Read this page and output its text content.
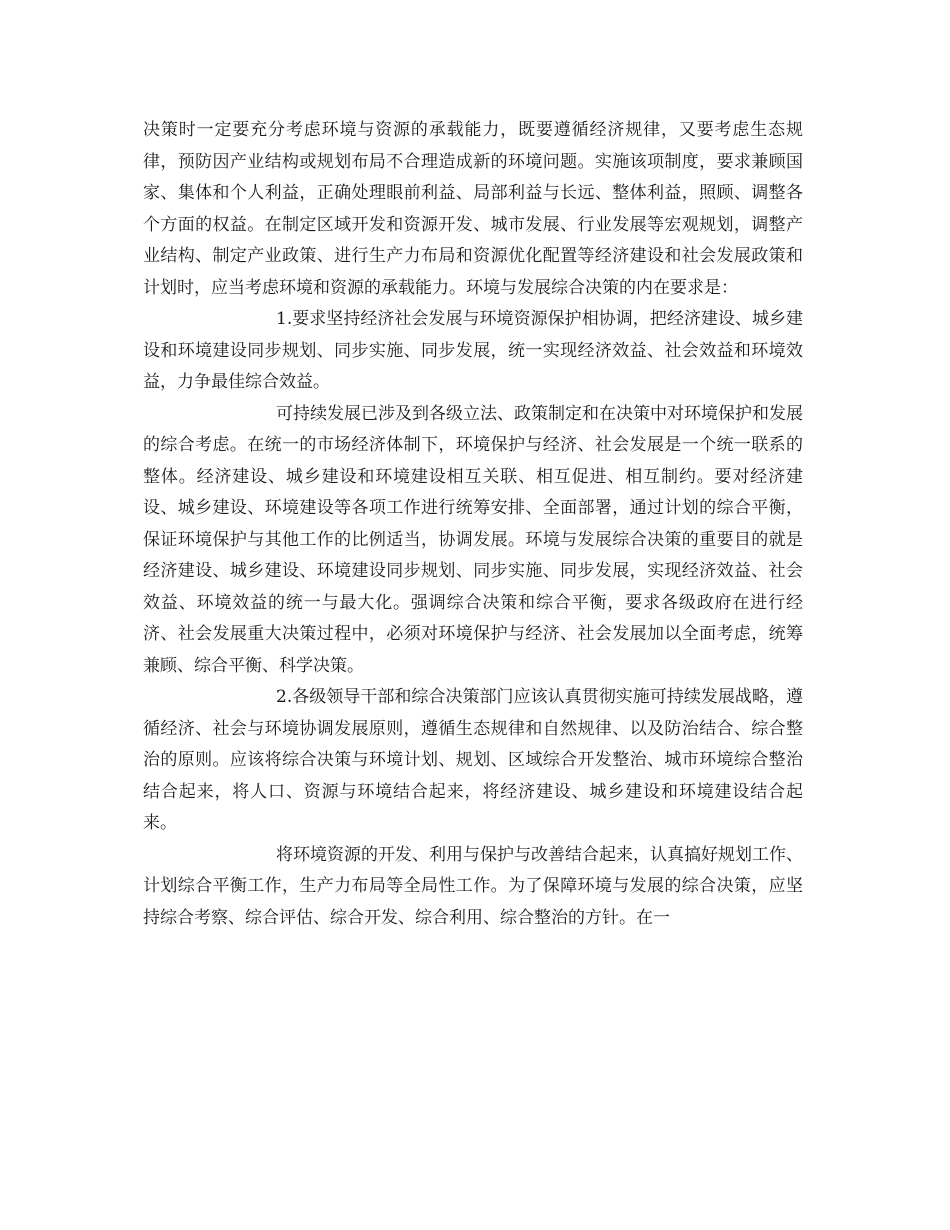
决策时一定要充分考虑环境与资源的承载能力，既要遵循经济规律，又要考虑生态规律，预防因产业结构或规划布局不合理造成新的环境问题。实施该项制度，要求兼顾国家、集体和个人利益，正确处理眼前利益、局部利益与长远、整体利益，照顾、调整各个方面的权益。在制定区域开发和资源开发、城市发展、行业发展等宏观规划，调整产业结构、制定产业政策、进行生产力布局和资源优化配置等经济建设和社会发展政策和计划时，应当考虑环境和资源的承载能力。环境与发展综合决策的内在要求是：

1.要求坚持经济社会发展与环境资源保护相协调，把经济建设、城乡建设和环境建设同步规划、同步实施、同步发展，统一实现经济效益、社会效益和环境效益，力争最佳综合效益。

可持续发展已涉及到各级立法、政策制定和在决策中对环境保护和发展的综合考虑。在统一的市场经济体制下，环境保护与经济、社会发展是一个统一联系的整体。经济建设、城乡建设和环境建设相互关联、相互促进、相互制约。要对经济建设、城乡建设、环境建设等各项工作进行统筹安排、全面部署，通过计划的综合平衡，保证环境保护与其他工作的比例适当，协调发展。环境与发展综合决策的重要目的就是经济建设、城乡建设、环境建设同步规划、同步实施、同步发展，实现经济效益、社会效益、环境效益的统一与最大化。强调综合决策和综合平衡，要求各级政府在进行经济、社会发展重大决策过程中，必须对环境保护与经济、社会发展加以全面考虑，统筹兼顾、综合平衡、科学决策。

2.各级领导干部和综合决策部门应该认真贯彻实施可持续发展战略，遵循经济、社会与环境协调发展原则，遵循生态规律和自然规律、以及防治结合、综合整治的原则。应该将综合决策与环境计划、规划、区域综合开发整治、城市环境综合整治结合起来，将人口、资源与环境结合起来，将经济建设、城乡建设和环境建设结合起来。

将环境资源的开发、利用与保护与改善结合起来，认真搞好规划工作、计划综合平衡工作，生产力布局等全局性工作。为了保障环境与发展的综合决策，应坚持综合考察、综合评估、综合开发、综合利用、综合整治的方针。在一
